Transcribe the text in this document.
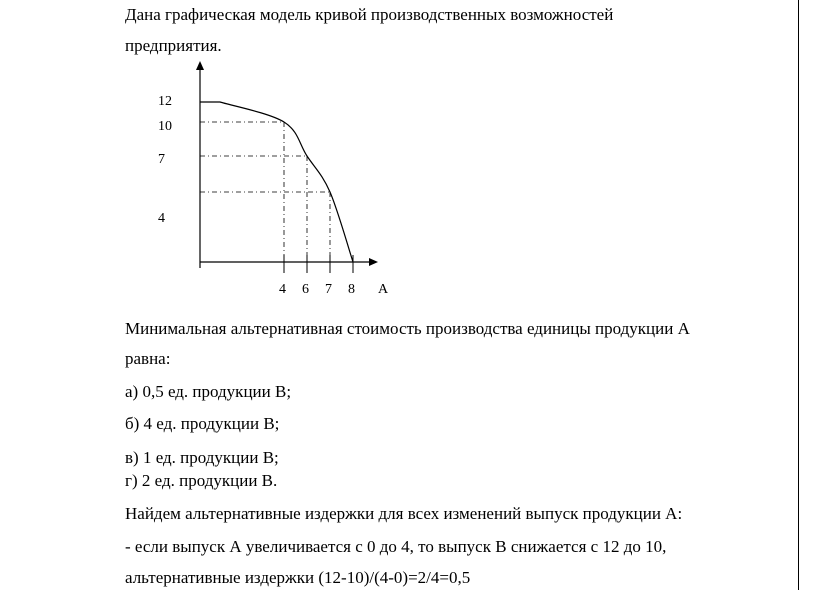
Дана графическая модель кривой производственных возможностей
предприятия.
12
10
7
4
4 6 7 8 А
Минимальная альтернативная стоимость производства единицы продукции А
равна:
а) 0,5 ед. продукции В;
б) 4 ед. продукции В;
в) 1 ед. продукции В;
г) 2 ед. продукции В.
Найдем альтернативные издержки для всех изменений выпуск продукции А:
- если выпуск А увеличивается с 0 до 4, то выпуск В снижается с 12 до 10,
альтернативные издержки (12-10)/(4-0)=2/4=0,5
